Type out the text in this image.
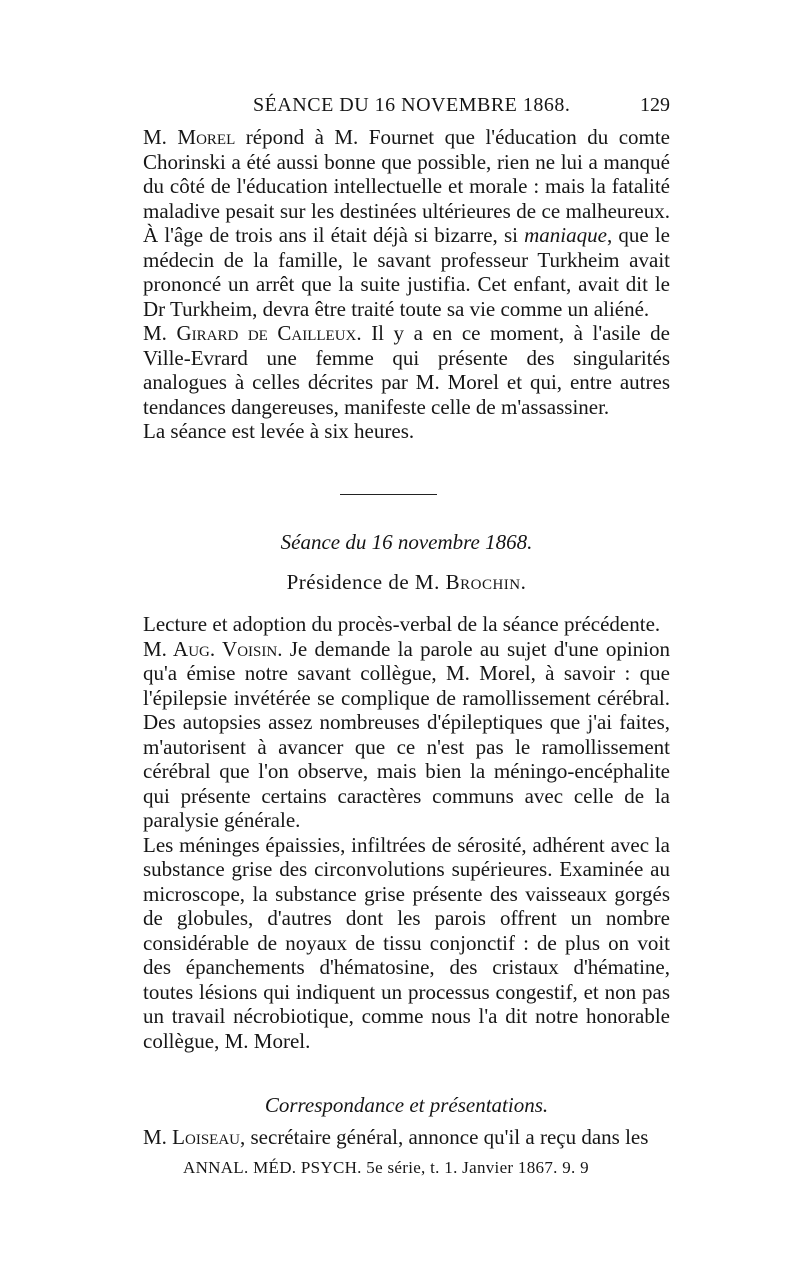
SÉANCE DU 16 NOVEMBRE 1868.	129

M. Morel répond à M. Fournet que l'éducation du comte Chorinski a été aussi bonne que possible, rien ne lui a manqué du côté de l'éducation intellectuelle et morale : mais la fatalité maladive pesait sur les destinées ultérieures de ce malheureux. À l'âge de trois ans il était déjà si bizarre, si maniaque, que le médecin de la famille, le savant professeur Turkheim avait prononcé un arrêt que la suite justifia. Cet enfant, avait dit le Dr Turkheim, devra être traité toute sa vie comme un aliéné.

M. Girard de Cailleux. Il y a en ce moment, à l'asile de Ville-Evrard une femme qui présente des singularités analogues à celles décrites par M. Morel et qui, entre autres tendances dangereuses, manifeste celle de m'assassiner.

La séance est levée à six heures.

Séance du 16 novembre 1868.
Présidence de M. Brochin.

Lecture et adoption du procès-verbal de la séance précédente.

M. Aug. Voisin. Je demande la parole au sujet d'une opinion qu'a émise notre savant collègue, M. Morel, à savoir : que l'épilepsie invétérée se complique de ramollissement cérébral. Des autopsies assez nombreuses d'épileptiques que j'ai faites, m'autorisent à avancer que ce n'est pas le ramollissement cérébral que l'on observe, mais bien la méningo-encéphalite qui présente certains caractères communs avec celle de la paralysie générale.

Les méninges épaissies, infiltrées de sérosité, adhérent avec la substance grise des circonvolutions supérieures. Examinée au microscope, la substance grise présente des vaisseaux gorgés de globules, d'autres dont les parois offrent un nombre considérable de noyaux de tissu conjonctif : de plus on voit des épanchements d'hématosine, des cristaux d'hématine, toutes lésions qui indiquent un processus congestif, et non pas un travail nécrobiotique, comme nous l'a dit notre honorable collègue, M. Morel.

Correspondance et présentations.

M. Loiseau, secrétaire général, annonce qu'il a reçu dans les

ANNAL. MÉD. PSYCH. 5e série, t. 1. Janvier 1867. 9. 9
